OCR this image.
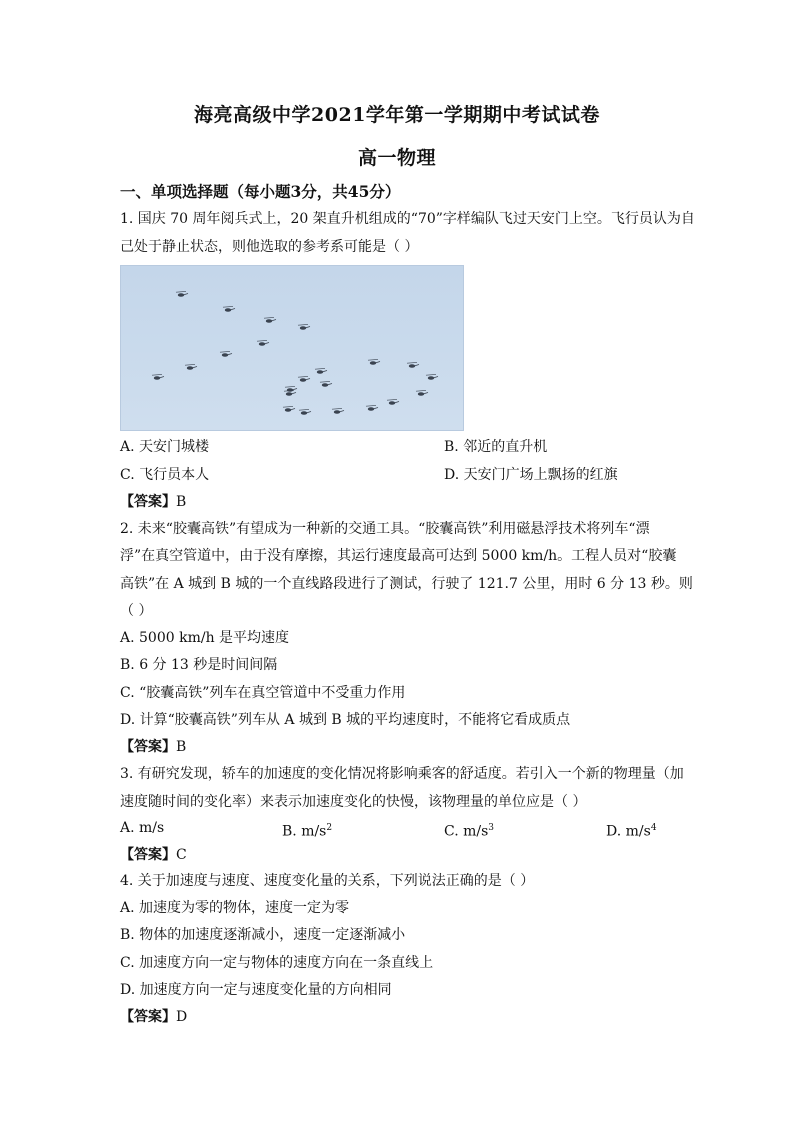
海亮高级中学2021学年第一学期期中考试试卷
高一物理
一、单项选择题（每小题3分，共45分）
1. 国庆 70 周年阅兵式上，20 架直升机组成的“70”字样编队飞过天安门上空。飞行员认为自
己处于静止状态，则他选取的参考系可能是（ ）
A. 天安门城楼	B. 邻近的直升机
C. 飞行员本人	D. 天安门广场上飘扬的红旗
【答案】B
2. 未来“胶囊高铁”有望成为一种新的交通工具。“胶囊高铁”利用磁悬浮技术将列车“漂
浮”在真空管道中，由于没有摩擦，其运行速度最高可达到 5000 km/h。工程人员对“胶囊
高铁”在 A 城到 B 城的一个直线路段进行了测试，行驶了 121.7 公里，用时 6 分 13 秒。则
（ ）
A. 5000 km/h 是平均速度
B. 6 分 13 秒是时间间隔
C. “胶囊高铁”列车在真空管道中不受重力作用
D. 计算“胶囊高铁”列车从 A 城到 B 城的平均速度时，不能将它看成质点
【答案】B
3. 有研究发现，轿车的加速度的变化情况将影响乘客的舒适度。若引入一个新的物理量（加
速度随时间的变化率）来表示加速度变化的快慢，该物理量的单位应是（ ）
A. m/s	B. $m/s^2$	C. $m/s^3$	D. $m/s^4$
【答案】C
4. 关于加速度与速度、速度变化量的关系，下列说法正确的是（ ）
A. 加速度为零的物体，速度一定为零
B. 物体的加速度逐渐减小，速度一定逐渐减小
C. 加速度方向一定与物体的速度方向在一条直线上
D. 加速度方向一定与速度变化量的方向相同
【答案】D
